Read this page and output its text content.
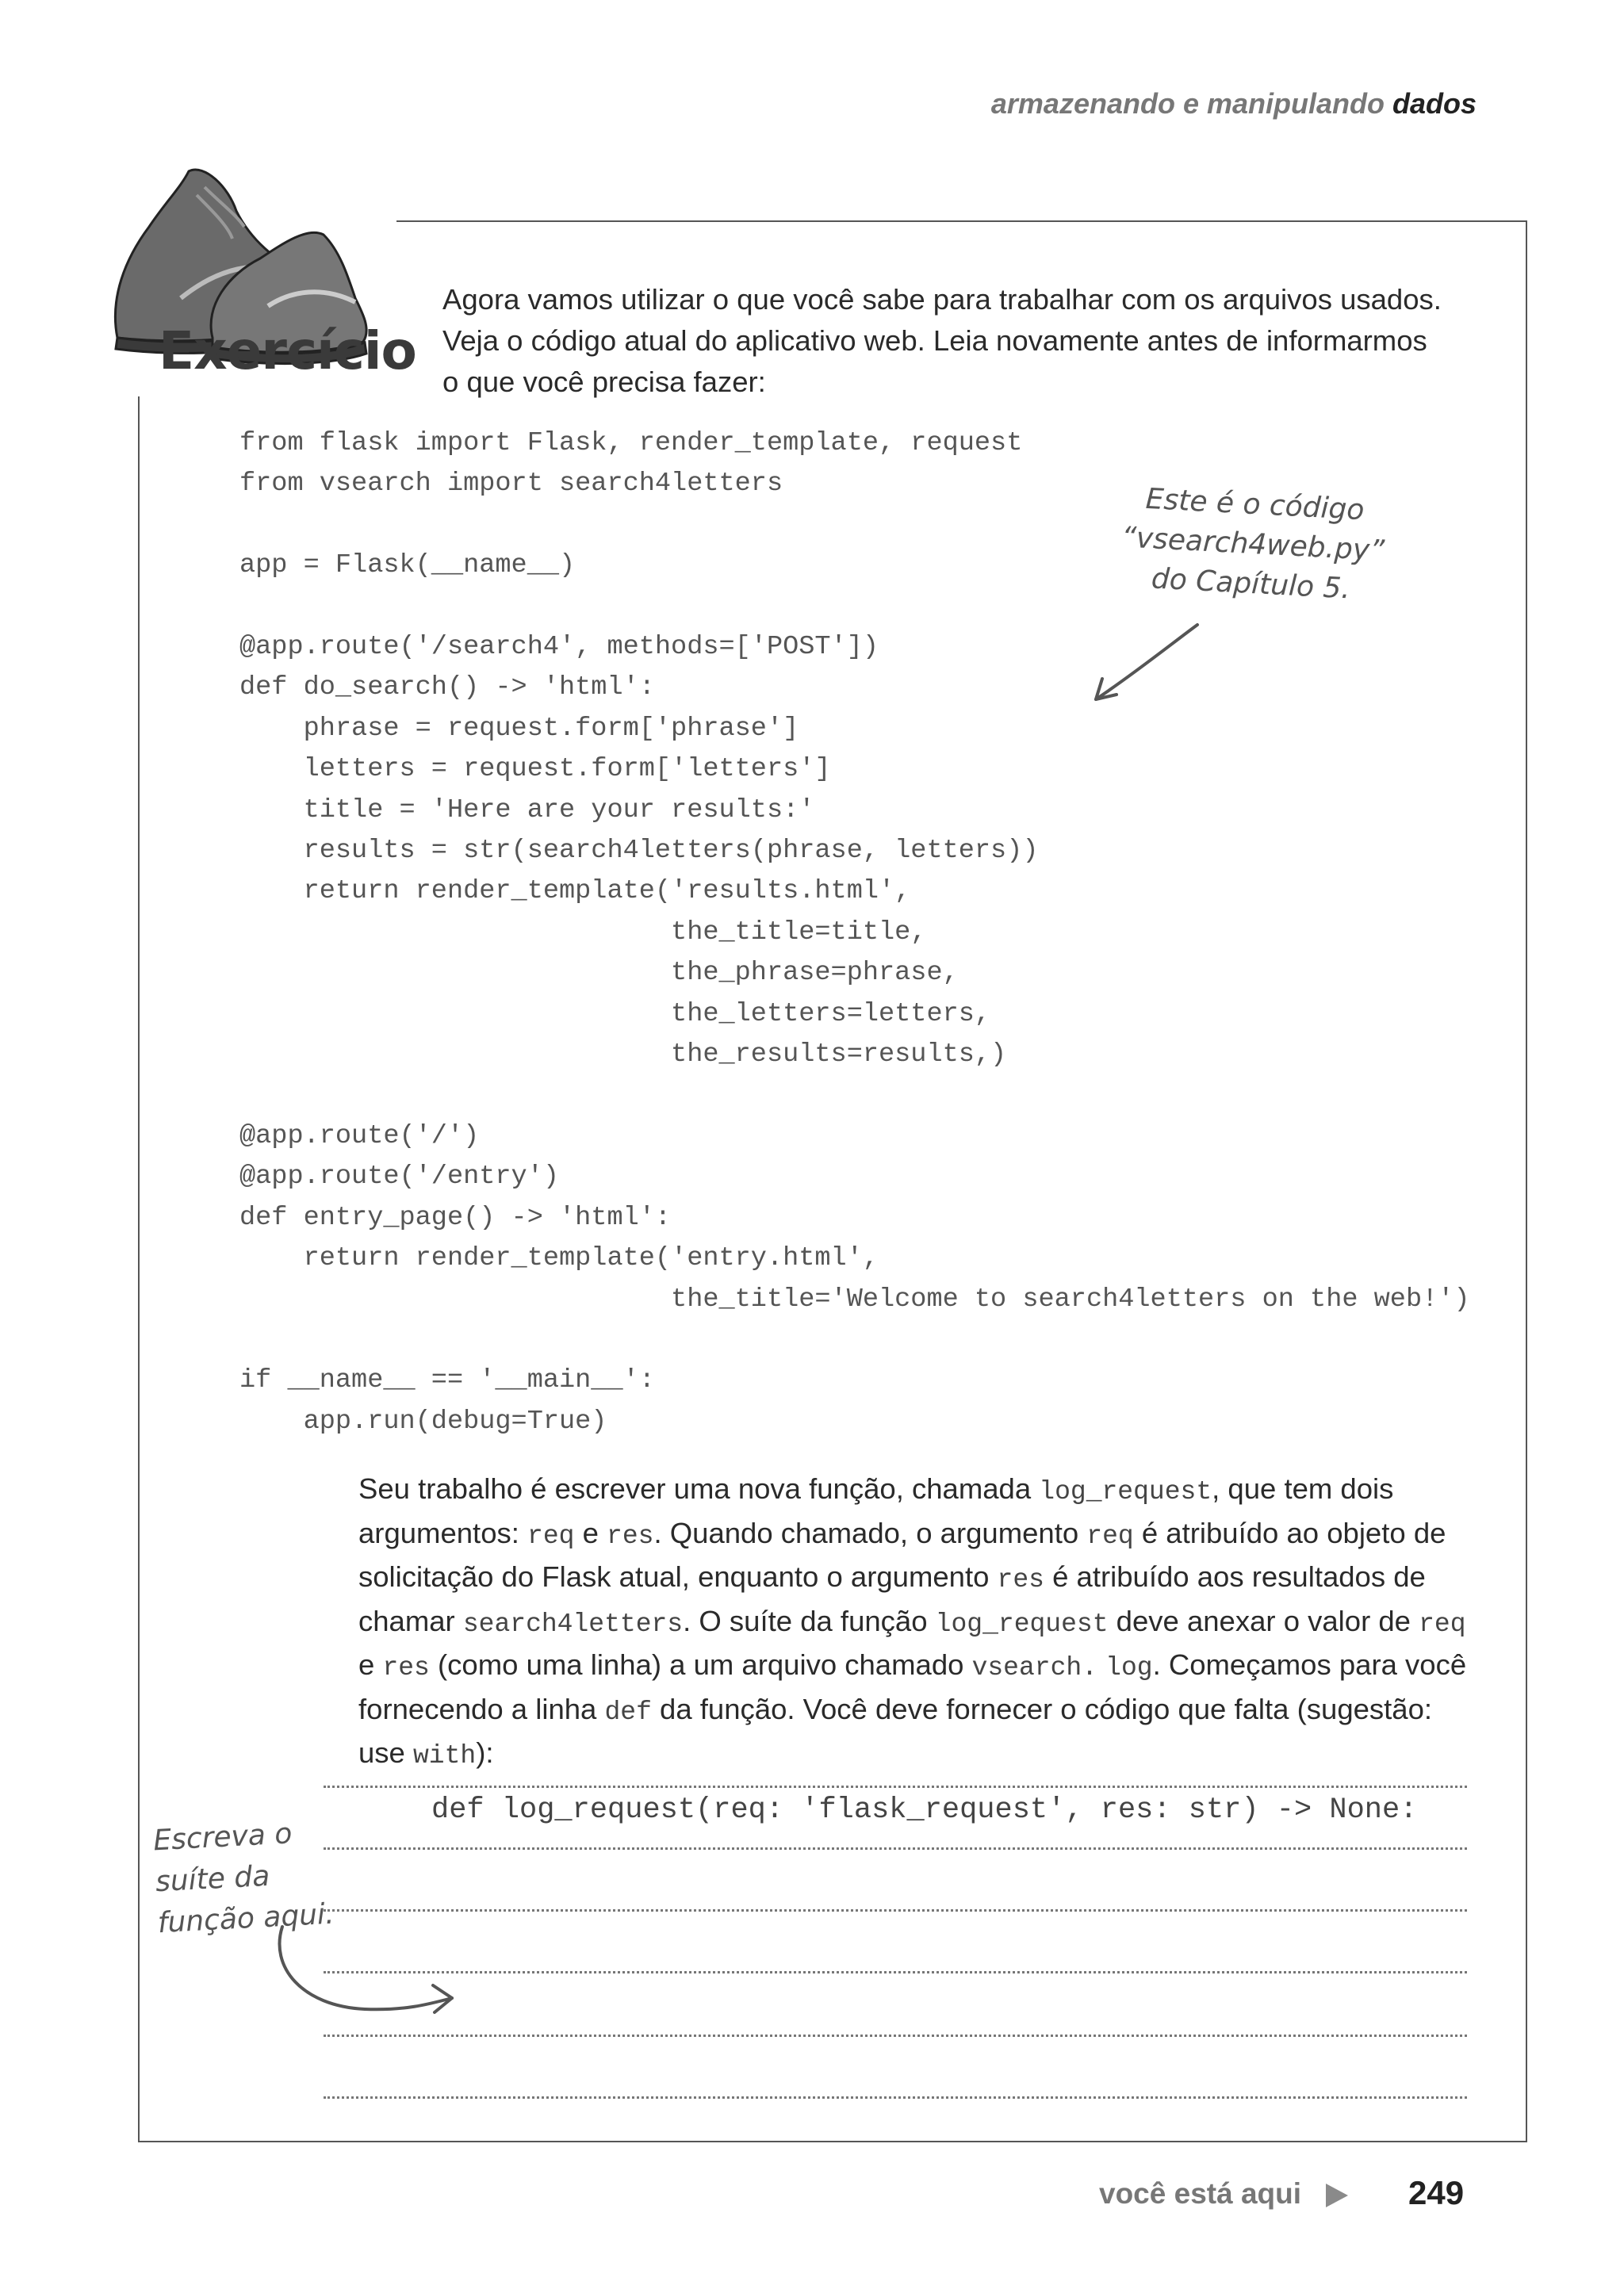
armazenando e manipulando dados
Exercício
Agora vamos utilizar o que você sabe para trabalhar com os arquivos usados. Veja o código atual do aplicativo web. Leia novamente antes de informarmos o que você precisa fazer:
from flask import Flask, render_template, request
from vsearch import search4letters

app = Flask(__name__)

@app.route('/search4', methods=['POST'])
def do_search() -> 'html':
phrase = request.form['phrase']
letters = request.form['letters']
title = 'Here are your results:'
results = str(search4letters(phrase, letters))
return render_template('results.html',
the_title=title,
the_phrase=phrase,
the_letters=letters,
the_results=results,)

@app.route('/')
@app.route('/entry')
def entry_page() -> 'html':
return render_template('entry.html',
the_title='Welcome to search4letters on the web!')

if __name__ == '__main__':
app.run(debug=True)
Este é o código
“vsearch4web.py”
do Capítulo 5.
Seu trabalho é escrever uma nova função, chamada log_request, que tem dois argumentos: req e res. Quando chamado, o argumento req é atribuído ao objeto de solicitação do Flask atual, enquanto o argumento res é atribuído aos resultados de chamar search4letters. O suíte da função log_request deve anexar o valor de req e res (como uma linha) a um arquivo chamado vsearch. log. Começamos para você fornecendo a linha def da função. Você deve fornecer o código que falta (sugestão: use with):
def log_request(req: 'flask_request', res: str) -> None:
Escreva o
suíte da
função aqui.
você está aqui	249
